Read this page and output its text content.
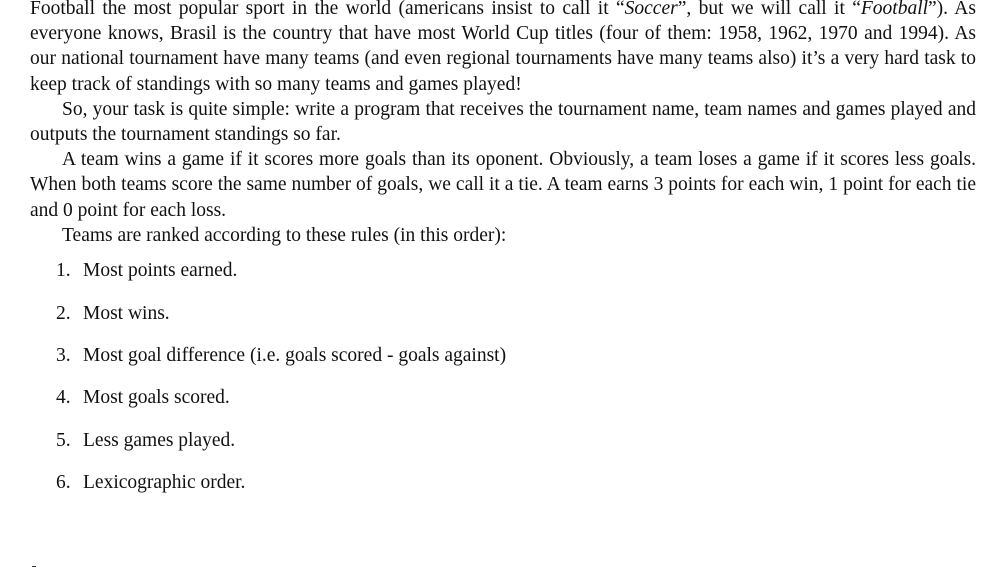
Football the most popular sport in the world (americans insist to call it “Soccer”, but we will call it “Football”). As everyone knows, Brasil is the country that have most World Cup titles (four of them: 1958, 1962, 1970 and 1994). As our national tournament have many teams (and even regional tournaments have many teams also) it’s a very hard task to keep track of standings with so many teams and games played!

So, your task is quite simple: write a program that receives the tournament name, team names and games played and outputs the tournament standings so far.

A team wins a game if it scores more goals than its oponent. Obviously, a team loses a game if it scores less goals. When both teams score the same number of goals, we call it a tie. A team earns 3 points for each win, 1 point for each tie and 0 point for each loss.

Teams are ranked according to these rules (in this order):

1. Most points earned.
2. Most wins.
3. Most goal difference (i.e. goals scored - goals against)
4. Most goals scored.
5. Less games played.
6. Lexicographic order.
